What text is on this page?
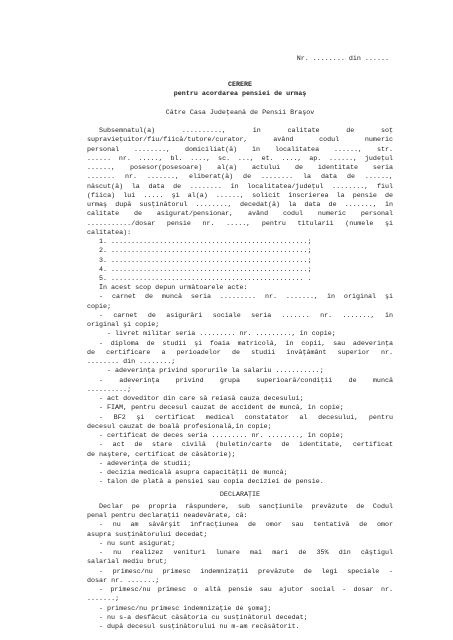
Nr. ........ din ......
CERERE
pentru acordarea pensiei de urmaş
Către Casa Judeţeană de Pensii Braşov
Subsemnatul(a) .........., în calitate de soţ
supravieţuitor/fiu/fiică/tutore/curator, având codul numeric
personal ........, domiciliat(ă) în localitatea ......, str.
...... nr. ....., bl. ...., sc. ..., et. ...., ap. ......, judeţul
......, posesor(posesoare) al(a) actului de identitate seria
....... nr. ......., eliberat(ă) de ........ la data de ......,
născut(ă) la data de ........ în localitatea/judeţul ........, fiul
(fiica) lui ..... şi al(a) ......, solicit înscrierea la pensie de
urmaş după susţinătorul ........, decedat(ă) la data de ......., în
calitate de asigurat/pensionar, având codul numeric personal
.........../dosar pensie nr. ....., pentru titularii (numele şi
calitatea):
1. .................................................;
2. .................................................;
3. .................................................;
4. .................................................;
5. ................................................ .
În acest scop depun următoarele acte:
- carnet de muncă seria ......... nr. ......., în original şi
copie;
- carnet de asigurări sociale seria ....... nr. ......., în
original şi copie;
- livret militar seria ......... nr. ........., în copie;
- diploma de studii şi foaia matricolă, în copii, sau adeverinţa
de certificare a perioadelor de studii învăţământ superior nr.
........ din ........;
- adeverinţa privind sporurile la salariu ...........;
- adeverinţa privind grupa superioară/condiţii de muncă
..........;
- act doveditor din care să reiasă cauza decesului;
- FIAM, pentru decesul cauzat de accident de muncă, în copie;
- BF2 şi certificat medical constatator al decesului, pentru
decesul cauzat de boală profesională,în copie;
- certificat de deces seria ......... nr. ........, în copie;
- act de stare civilă (buletin/carte de identitate, certificat
de naştere, certificat de căsătorie);
- adeverinţa de studii;
- decizia medicală asupra capacităţii de muncă;
- talon de plată a pensiei sau copia deciziei de pensie.
DECLARAŢIE
Declar pe propria răspundere, sub sancţiunile prevăzute de Codul
penal pentru declaraţii neadevărate, că:
- nu am săvârşit infracţiunea de omor sau tentativă de omor
asupra susţinătorului decedat;
- nu sunt asigurat;
- nu realizez venituri lunare mai mari de 35% din câştigul
salarial mediu brut;
- primesc/nu primesc indemnizaţii prevăzute de legi speciale -
dosar nr. .......;
- primesc/nu primesc o altă pensie sau ajutor social - dosar nr.
.......;
- primesc/nu primesc indemnizaţie de şomaj;
- nu s-a desfăcut căsătoria cu susţinătorul decedat;
- după decesul susţinătorului nu m-am recăsătorit.
